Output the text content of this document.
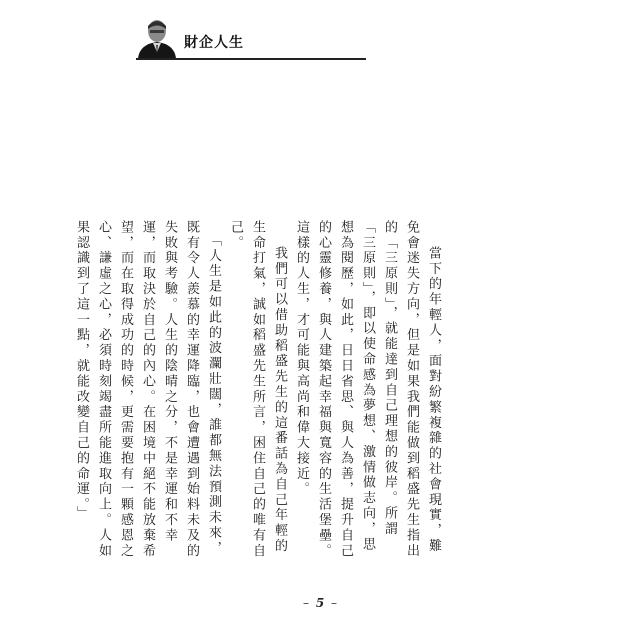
財企人生

當下的年輕人，面對紛繁複雜的社會現實，難免會迷失方向，但是如果我們能做到稻盛先生指出的「三原則」，就能達到自己理想的彼岸。所謂「三原則」，即以使命感為夢想、激情做志向，思想為閱歷，如此，日日省思、與人為善，提升自己的心靈修養，與人建築起幸福與寬容的生活堡壘。這樣的人生，才可能與高尚和偉大接近。

我們可以借助稻盛先生的這番話為自己年輕的生命打氣，誠如稻盛先生所言，困住自己的唯有自己。

「人生是如此的波瀾壯闊，誰都無法預測未來，既有令人羨慕的幸運降臨，也會遭遇到始料未及的失敗與考驗。人生的陰晴之分，不是幸運和不幸運，而取決於自己的內心。在困境中絕不能放棄希望，而在取得成功的時候，更需要抱有一顆感恩之心、謙虛之心，必須時刻竭盡所能進取向上。人如果認識到了這一點，就能改變自己的命運。」

– 5 –
